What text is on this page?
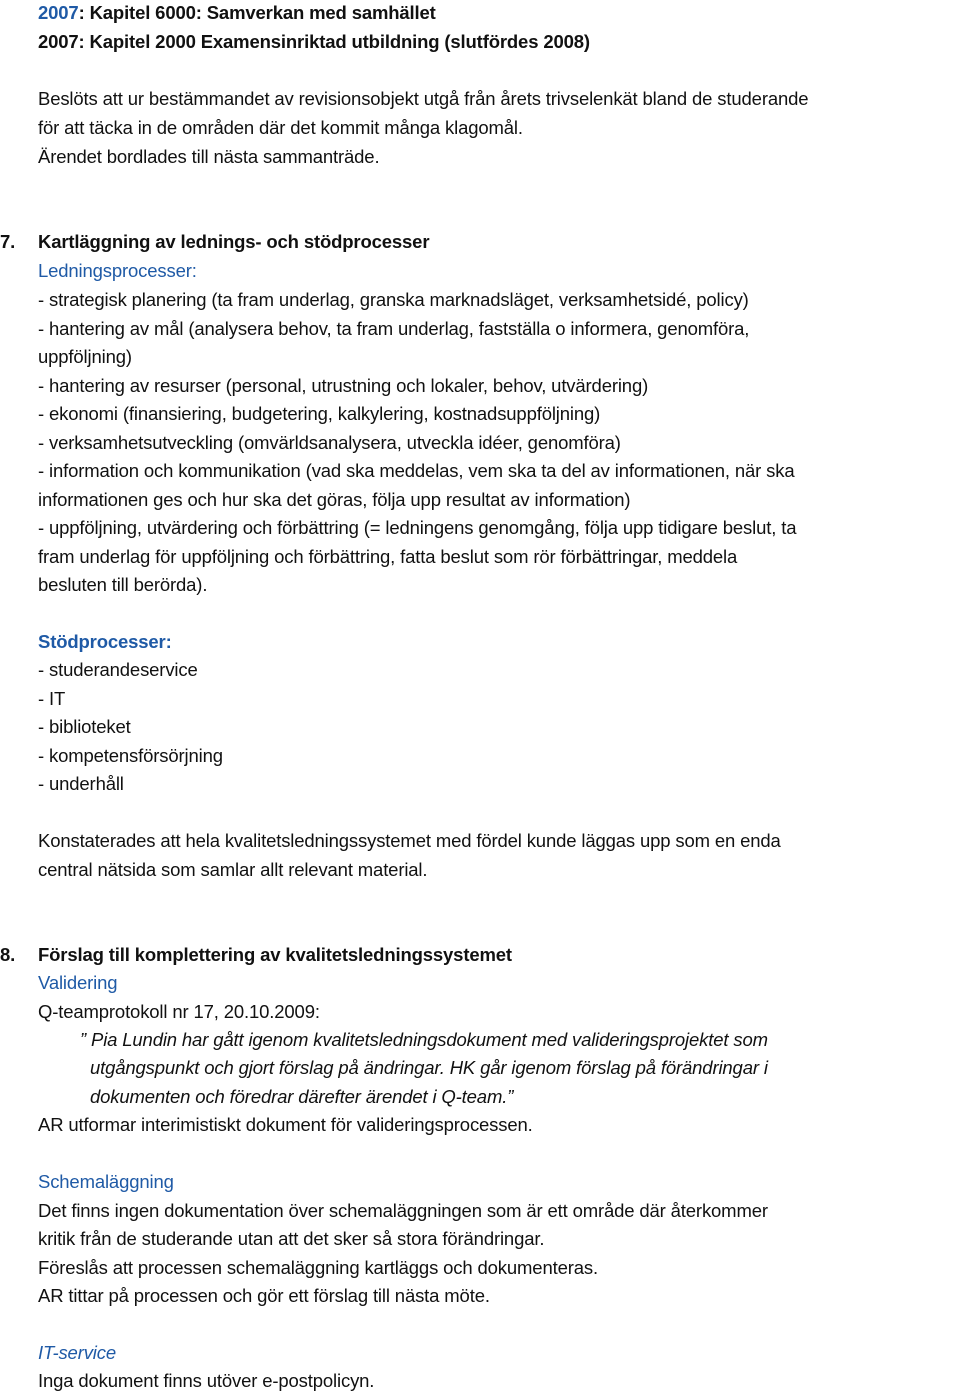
2007: Kapitel 6000: Samverkan med samhället
2007: Kapitel 2000 Examensinriktad utbildning (slutfördes 2008)
Beslöts att ur bestämmandet av revisionsobjekt utgå från årets trivselenkät bland de studerande
för att täcka in de områden där det kommit många klagomål.
Ärendet bordlades till nästa sammanträde.
7. Kartläggning av lednings- och stödprocesser
Ledningsprocesser:
- strategisk planering (ta fram underlag, granska marknadsläget, verksamhetsidé, policy)
- hantering av mål (analysera behov, ta fram underlag, fastställa o informera, genomföra,
uppföljning)
- hantering av resurser (personal, utrustning och lokaler, behov, utvärdering)
- ekonomi (finansiering, budgetering, kalkylering, kostnadsuppföljning)
- verksamhetsutveckling (omvärldsanalysera, utveckla idéer, genomföra)
- information och kommunikation (vad ska meddelas, vem ska ta del av informationen, när ska
informationen ges och hur ska det göras, följa upp resultat av information)
- uppföljning, utvärdering och förbättring (= ledningens genomgång, följa upp tidigare beslut, ta
fram underlag för uppföljning och förbättring, fatta beslut som rör förbättringar, meddela
besluten till berörda).
Stödprocesser:
- studerandeservice
- IT
- biblioteket
- kompetensförsörjning
- underhåll
Konstaterades att hela kvalitetsledningssystemet med fördel kunde läggas upp som en enda
central nätsida som samlar allt relevant material.
8. Förslag till komplettering av kvalitetsledningssystemet
Validering
Q-teamprotokoll nr 17, 20.10.2009:
” Pia Lundin har gått igenom kvalitetsledningsdokument med valideringsprojektet som
utgångspunkt och gjort förslag på ändringar. HK går igenom förslag på förändringar i
dokumenten och föredrar därefter ärendet i Q-team.”
AR utformar interimistiskt dokument för valideringsprocessen.
Schemaläggning
Det finns ingen dokumentation över schemaläggningen som är ett område där återkommer
kritik från de studerande utan att det sker så stora förändringar.
Föreslås att processen schemaläggning kartläggs och dokumenteras.
AR tittar på processen och gör ett förslag till nästa möte.
IT-service
Inga dokument finns utöver e-postpolicyn.
